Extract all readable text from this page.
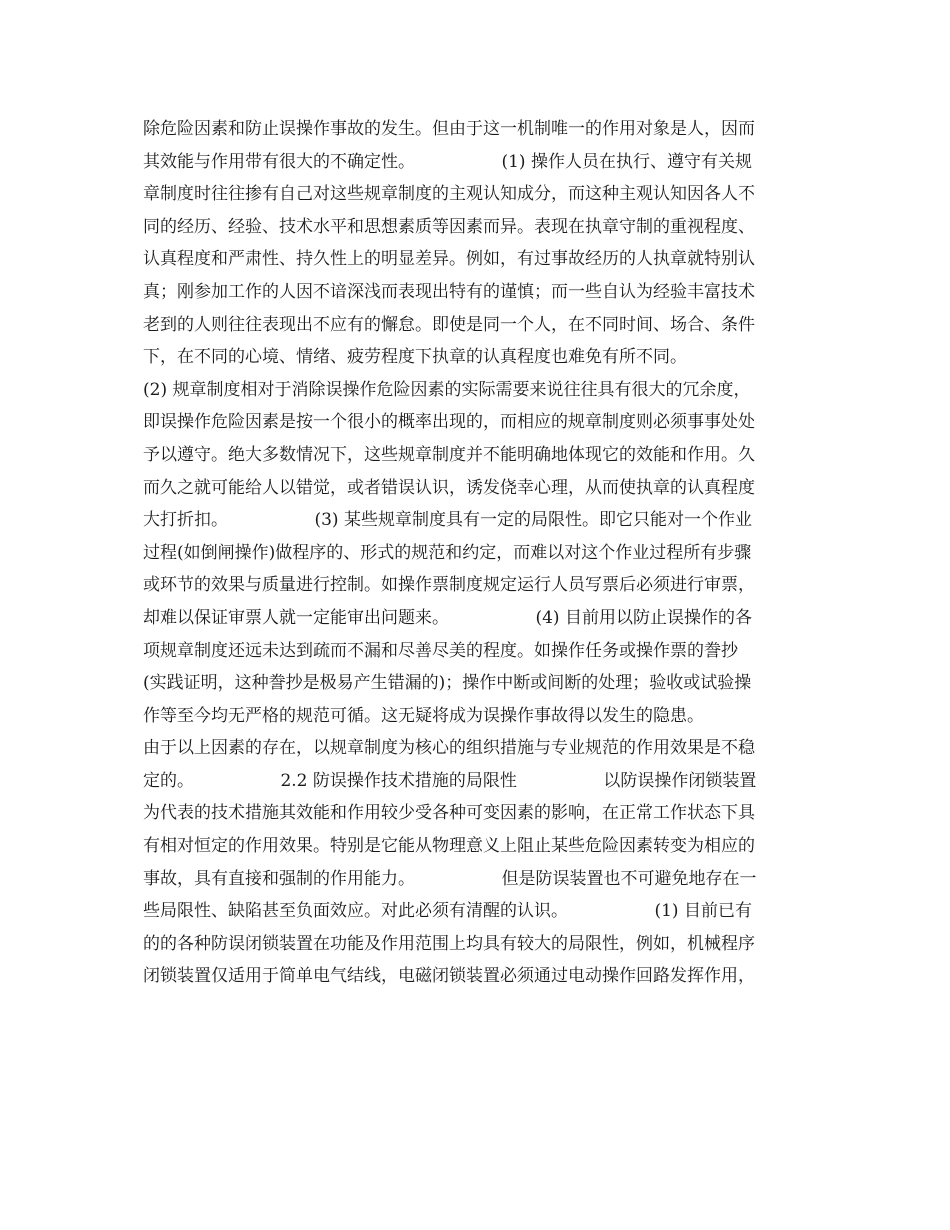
除危险因素和防止误操作事故的发生。但由于这一机制唯一的作用对象是人，因而
其效能与作用带有很大的不确定性。                (1) 操作人员在执行、遵守有关规
章制度时往往掺有自己对这些规章制度的主观认知成分，而这种主观认知因各人不
同的经历、经验、技术水平和思想素质等因素而异。表现在执章守制的重视程度、
认真程度和严肃性、持久性上的明显差异。例如，有过事故经历的人执章就特别认
真；刚参加工作的人因不谙深浅而表现出特有的谨慎；而一些自认为经验丰富技术
老到的人则往往表现出不应有的懈怠。即使是同一个人，在不同时间、场合、条件
下，在不同的心境、情绪、疲劳程度下执章的认真程度也难免有所不同。
(2) 规章制度相对于消除误操作危险因素的实际需要来说往往具有很大的冗余度，
即误操作危险因素是按一个很小的概率出现的，而相应的规章制度则必须事事处处
予以遵守。绝大多数情况下，这些规章制度并不能明确地体现它的效能和作用。久
而久之就可能给人以错觉，或者错误认识，诱发侥幸心理，从而使执章的认真程度
大打折扣。                (3) 某些规章制度具有一定的局限性。即它只能对一个作业
过程(如倒闸操作)做程序的、形式的规范和约定，而难以对这个作业过程所有步骤
或环节的效果与质量进行控制。如操作票制度规定运行人员写票后必须进行审票，
却难以保证审票人就一定能审出问题来。                (4) 目前用以防止误操作的各
项规章制度还远未达到疏而不漏和尽善尽美的程度。如操作任务或操作票的誊抄
(实践证明，这种誊抄是极易产生错漏的)；操作中断或间断的处理；验收或试验操
作等至今均无严格的规范可循。这无疑将成为误操作事故得以发生的隐患。
由于以上因素的存在，以规章制度为核心的组织措施与专业规范的作用效果是不稳
定的。                2.2 防误操作技术措施的局限性                以防误操作闭锁装置
为代表的技术措施其效能和作用较少受各种可变因素的影响，在正常工作状态下具
有相对恒定的作用效果。特别是它能从物理意义上阻止某些危险因素转变为相应的
事故，具有直接和强制的作用能力。                但是防误装置也不可避免地存在一
些局限性、缺陷甚至负面效应。对此必须有清醒的认识。                (1) 目前已有
的的各种防误闭锁装置在功能及作用范围上均具有较大的局限性，例如，机械程序
闭锁装置仅适用于简单电气结线，电磁闭锁装置必须通过电动操作回路发挥作用，
